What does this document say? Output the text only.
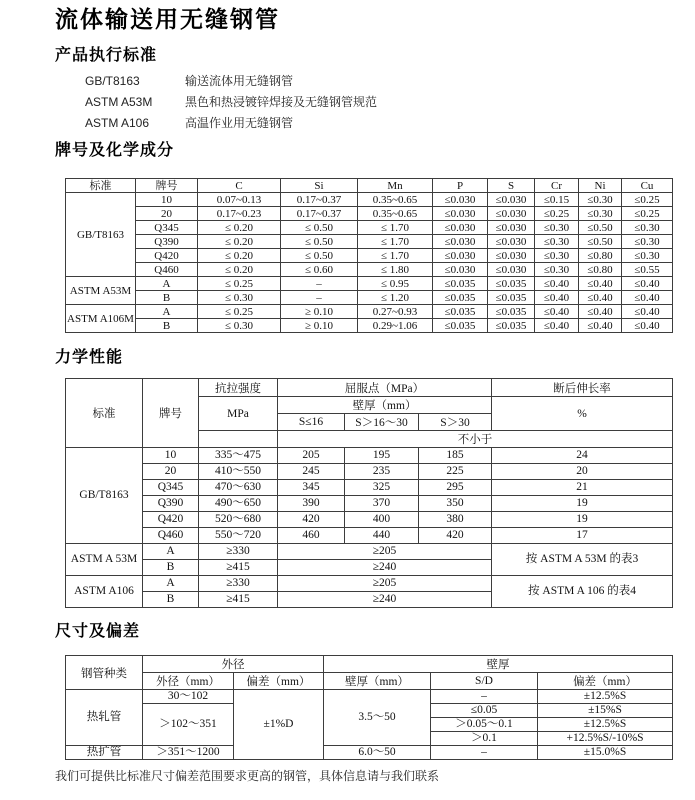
流体输送用无缝钢管
产品执行标准
GB/T8163	输送流体用无缝钢管
ASTM A53M	黑色和热浸镀锌焊接及无缝钢管规范
ASTM A106	高温作业用无缝钢管
牌号及化学成分
标准	牌号	C	Si	Mn	P	S	Cr	Ni	Cu
GB/T8163	10	0.07~0.13	0.17~0.37	0.35~0.65	≤0.030	≤0.030	≤0.15	≤0.30	≤0.25
	20	0.17~0.23	0.17~0.37	0.35~0.65	≤0.030	≤0.030	≤0.25	≤0.30	≤0.25
	Q345	≤ 0.20	≤ 0.50	≤ 1.70	≤0.030	≤0.030	≤0.30	≤0.50	≤0.30
	Q390	≤ 0.20	≤ 0.50	≤ 1.70	≤0.030	≤0.030	≤0.30	≤0.50	≤0.30
	Q420	≤ 0.20	≤ 0.50	≤ 1.70	≤0.030	≤0.030	≤0.30	≤0.80	≤0.30
	Q460	≤ 0.20	≤ 0.60	≤ 1.80	≤0.030	≤0.030	≤0.30	≤0.80	≤0.55
ASTM A53M	A	≤ 0.25	–	≤ 0.95	≤0.035	≤0.035	≤0.40	≤0.40	≤0.40
	B	≤ 0.30	–	≤ 1.20	≤0.035	≤0.035	≤0.40	≤0.40	≤0.40
ASTM A106M	A	≤ 0.25	≥ 0.10	0.27~0.93	≤0.035	≤0.035	≤0.40	≤0.40	≤0.40
	B	≤ 0.30	≥ 0.10	0.29~1.06	≤0.035	≤0.035	≤0.40	≤0.40	≤0.40
力学性能
标准	牌号	抗拉强度	屈服点（MPa）			断后伸长率
		MPa	壁厚（mm）			%
			S≤16	S＞16～30	S＞30	
			不小于			
GB/T8163	10	335～475	205	195	185	24
	20	410～550	245	235	225	20
	Q345	470～630	345	325	295	21
	Q390	490～650	390	370	350	19
	Q420	520～680	420	400	380	19
	Q460	550～720	460	440	420	17
ASTM A 53M	A	≥330	≥205			按 ASTM A 53M 的表3
	B	≥415	≥240			
ASTM A106	A	≥330	≥205			按 ASTM A 106 的表4
	B	≥415	≥240			
尺寸及偏差
钢管种类	外径		壁厚		
	外径（mm）	偏差（mm）	壁厚（mm）	S/D	偏差（mm）
热轧管	30～102	±1%D	3.5～50	–	±12.5%S
	＞102～351			≤0.05	±15%S
				＞0.05～0.1	±12.5%S
				＞0.1	+12.5%S/-10%S
热扩管	＞351～1200		6.0～50	–	±15.0%S
我们可提供比标准尺寸偏差范围要求更高的钢管，具体信息请与我们联系
